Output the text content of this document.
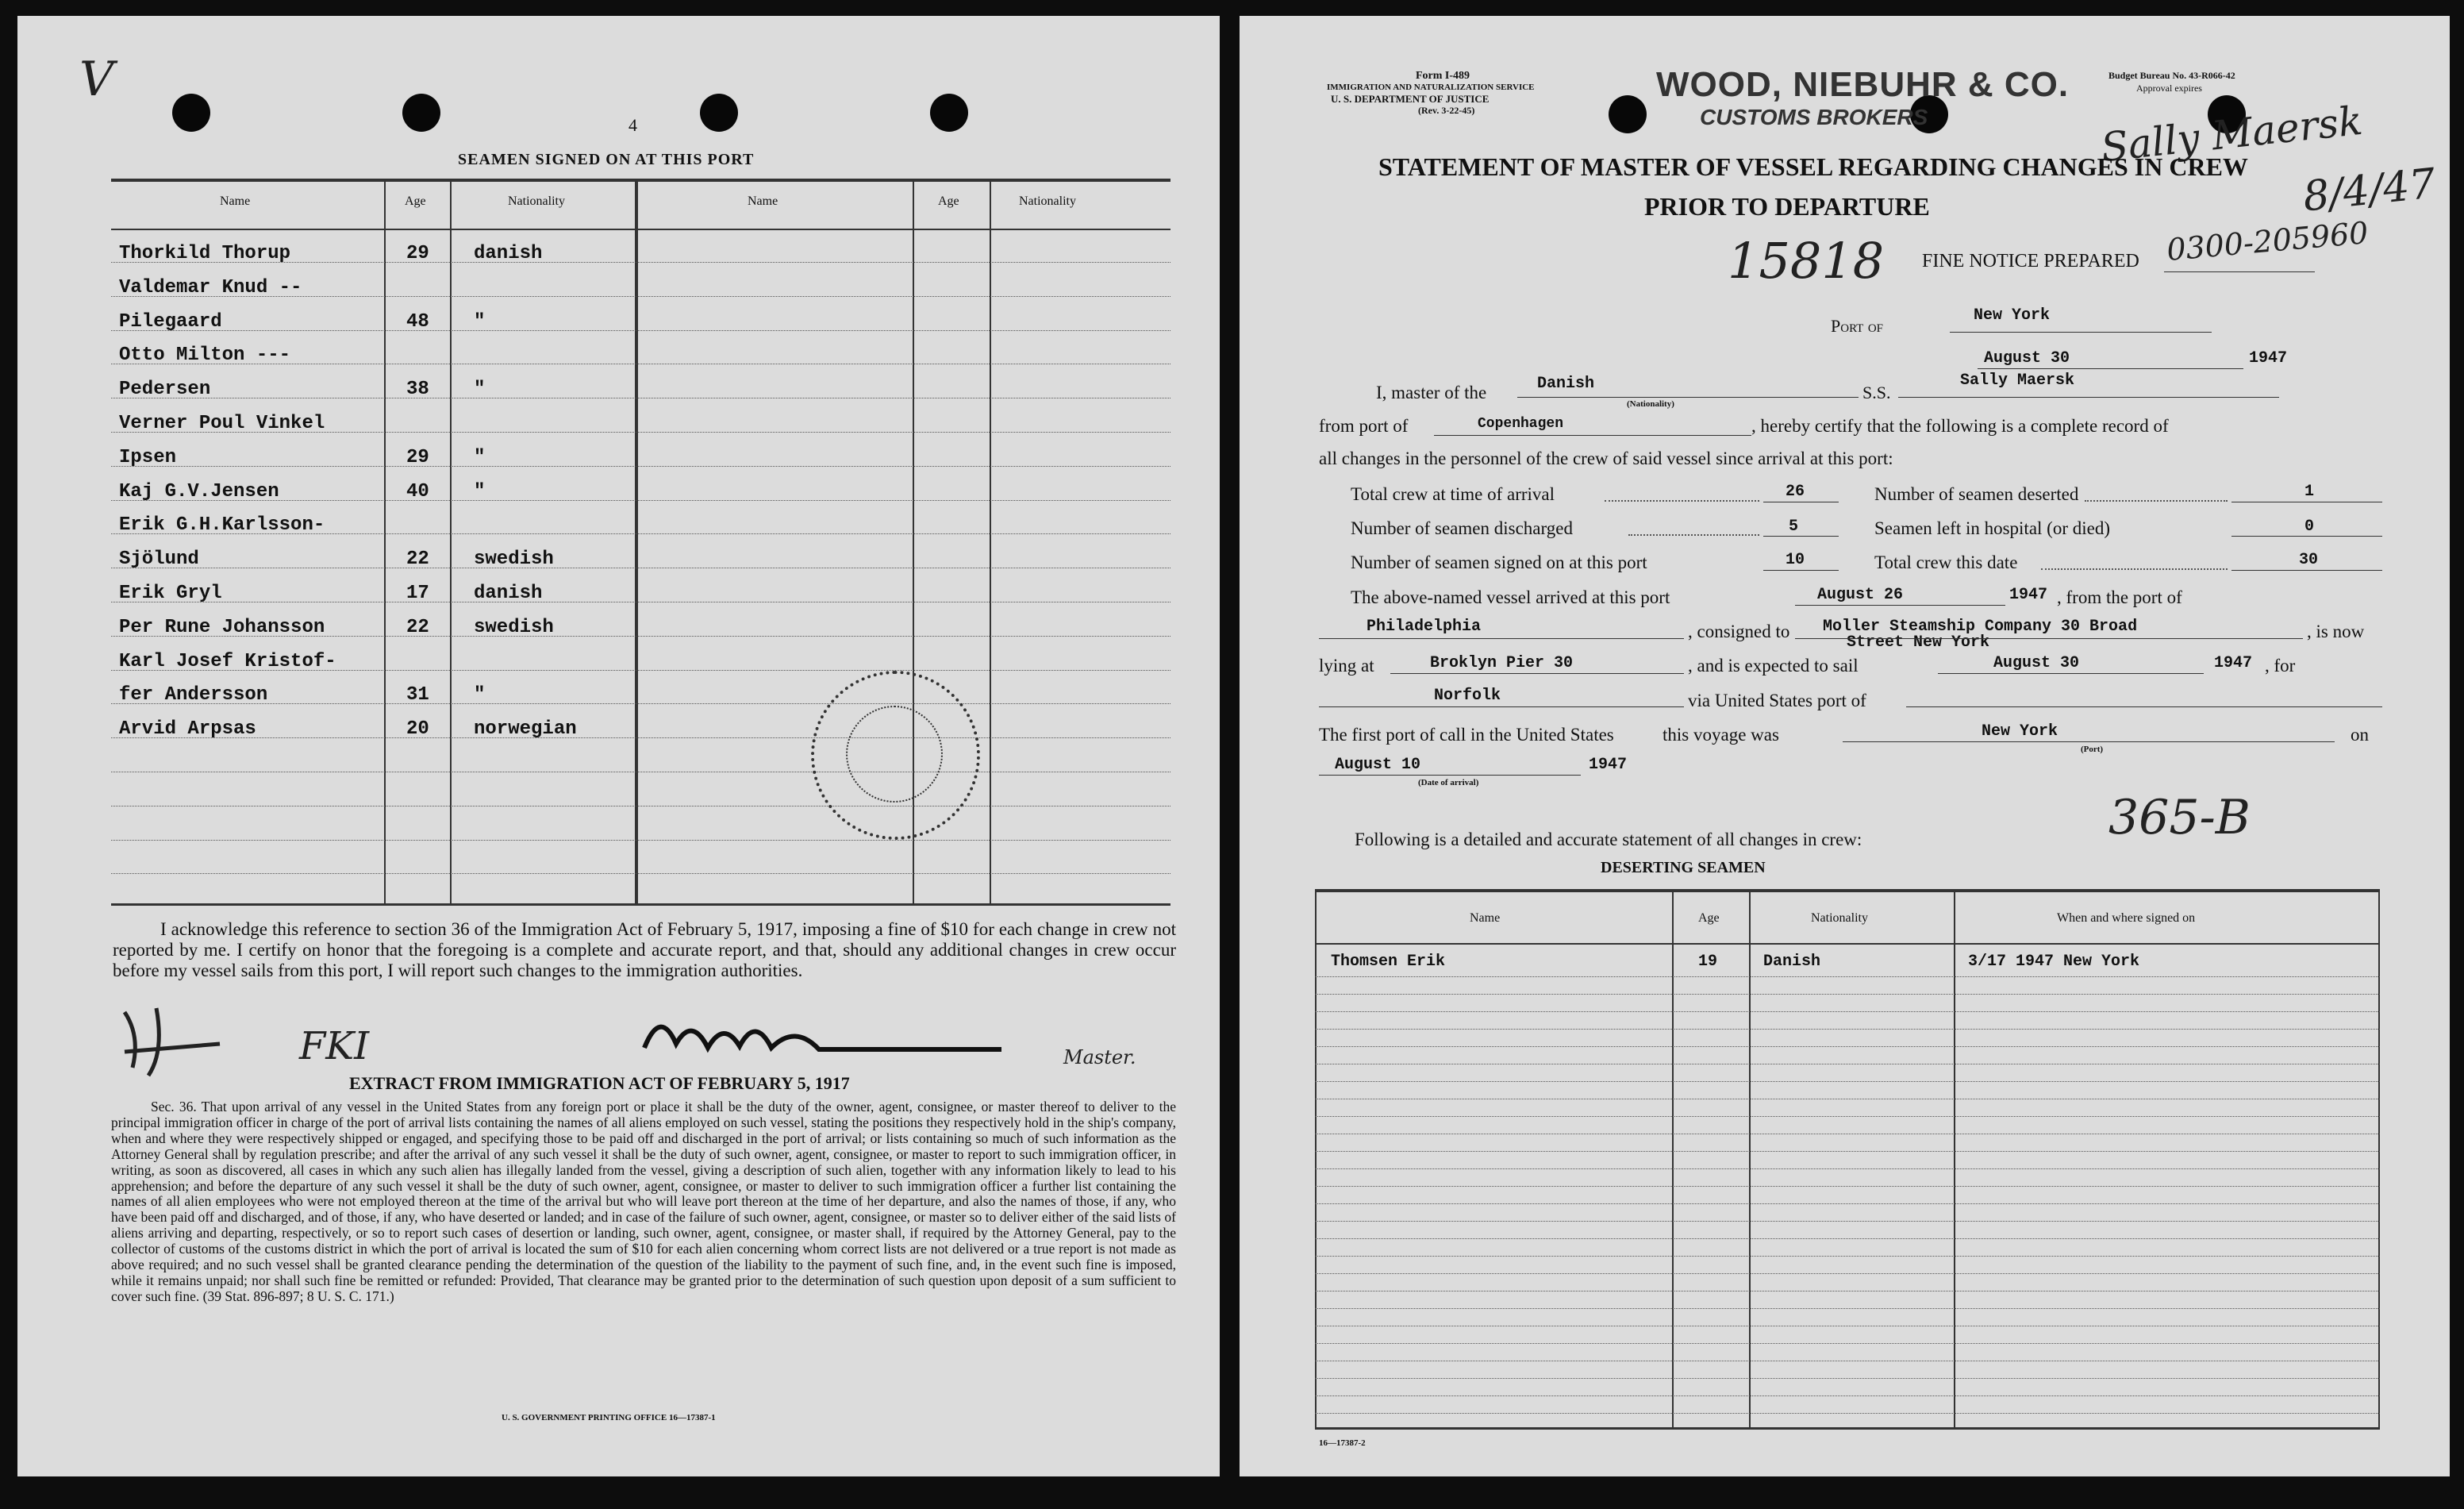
V
4
SEAMEN SIGNED ON AT THIS PORT
Name	Age	Nationality	Name	Age	Nationality
Thorkild Thorup	29 danish
Valdemar Knud --
Pilegaard	48 "
Otto Milton ---
Pedersen	38 "
Verner Poul Vinkel
Ipsen	29 "
Kaj G.V.Jensen	40 "
Erik G.H.Karlsson-
Sjölund	22 swedish
Erik Gryl	17 danish
Per Rune Johansson	22 swedish
Karl Josef Kristof-
fer Andersson	31 "
Arvid Arpsas	20 norwegian
I acknowledge this reference to section 36 of the Immigration Act of February 5, 1917, imposing a fine of $10 for each change in crew not reported by me. I certify on honor that the foregoing is a complete and accurate report, and that, should any additional changes in crew occur before my vessel sails from this port, I will report such changes to the immigration authorities.
FKI	Master.
EXTRACT FROM IMMIGRATION ACT OF FEBRUARY 5, 1917
Sec. 36. That upon arrival of any vessel in the United States from any foreign port or place it shall be the duty of the owner, agent, consignee, or master thereof to deliver to the principal immigration officer in charge of the port of arrival lists containing the names of all aliens employed on such vessel, stating the positions they respectively hold in the ship's company, when and where they were respectively shipped or engaged, and specifying those to be paid off and discharged in the port of arrival; or lists containing so much of such information as the Attorney General shall by regulation prescribe; and after the arrival of any such vessel it shall be the duty of such owner, agent, consignee, or master to report to such immigration officer, in writing, as soon as discovered, all cases in which any such alien has illegally landed from the vessel, giving a description of such alien, together with any information likely to lead to his apprehension; and before the departure of any such vessel it shall be the duty of such owner, agent, consignee, or master to deliver to such immigration officer a further list containing the names of all alien employees who were not employed thereon at the time of the arrival but who will leave port thereon at the time of her departure, and also the names of those, if any, who have been paid off and discharged, and of those, if any, who have deserted or landed; and in case of the failure of such owner, agent, consignee, or master so to deliver either of the said lists of aliens arriving and departing, respectively, or so to report such cases of desertion or landing, such owner, agent, consignee, or master shall, if required by the Attorney General, pay to the collector of customs of the customs district in which the port of arrival is located the sum of $10 for each alien concerning whom correct lists are not delivered or a true report is not made as above required; and no such vessel shall be granted clearance pending the determination of the question of the liability to the payment of such fine, and, in the event such fine is imposed, while it remains unpaid; nor shall such fine be remitted or refunded: Provided, That clearance may be granted prior to the determination of such question upon deposit of a sum sufficient to cover such fine. (39 Stat. 896-897; 8 U. S. C. 171.)
U. S. GOVERNMENT PRINTING OFFICE 16—17387-1
Form I-489
IMMIGRATION AND NATURALIZATION SERVICE
U. S. DEPARTMENT OF JUSTICE
(Rev. 3-22-45)
WOOD, NIEBUHR & CO.
CUSTOMS BROKERS
Budget Bureau No. 43-R066-42
Approval expires
Sally Maersk
8/4/47
STATEMENT OF MASTER OF VESSEL REGARDING CHANGES IN CREW
PRIOR TO DEPARTURE
15818 FINE NOTICE PREPARED 0300-205960
Port of
New York
August 30	1947
I, master of the	Danish
(Nationality)
S.S.
Sally Maersk
from port of	Copenhagen	, hereby certify that the following is a complete record of
all changes in the personnel of the crew of said vessel since arrival at this port:
Total crew at time of arrival	26	Number of seamen deserted	1
Number of seamen discharged	5	Seamen left in hospital (or died)	0
Number of seamen signed on at this port	10	Total crew this date	30
The above-named vessel arrived at this port	August 26	1947 , from the port of
Philadelphia	, consigned to Moller Steamship Company 30 Broad
Street New York
, is now
lying at	Broklyn Pier 30	, and is expected to sail	August 30	1947 , for
Norfolk	via United States port of
The first port of call in the United States	this voyage was	New York
(Port)
on
August 10	1947
(Date of arrival)
365-B
Following is a detailed and accurate statement of all changes in crew:
DESERTING SEAMEN
Name	Age	Nationality	When and where signed on
Thomsen Erik	19	Danish	3/17 1947 New York
16—17387-2
